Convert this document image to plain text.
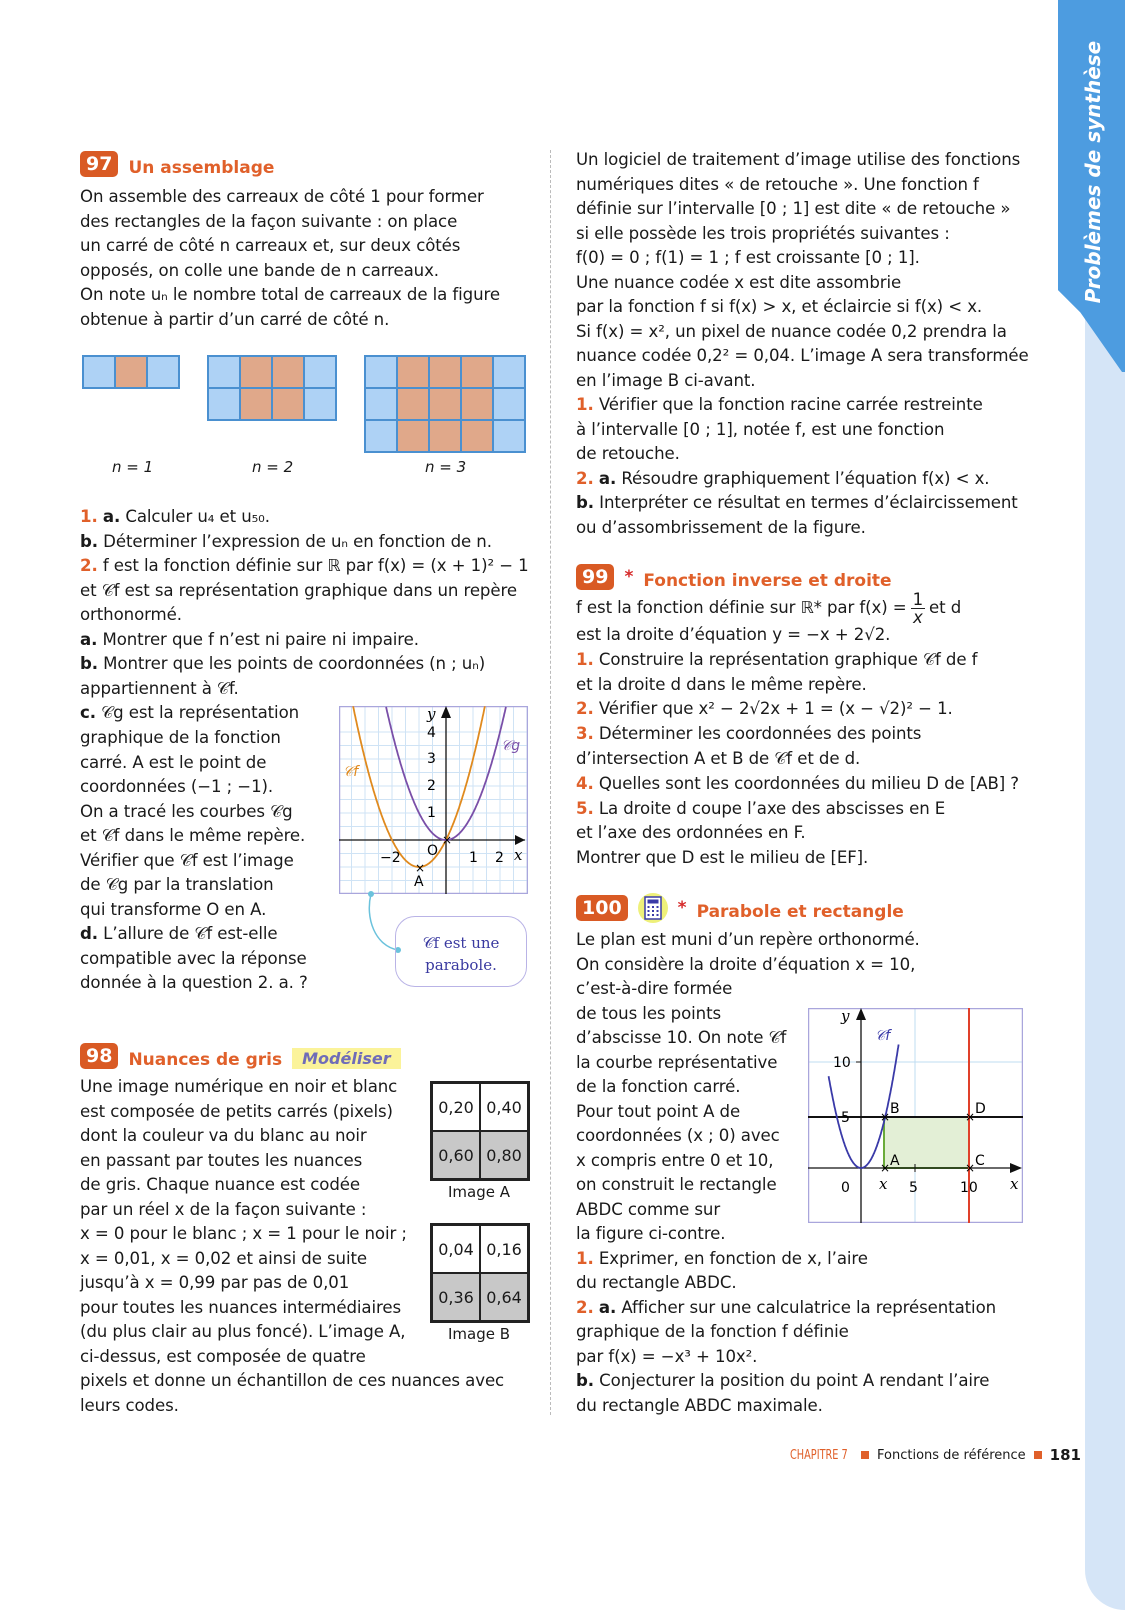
Problèmes de synthèse
97 Un assemblage
n = 1	n = 2	n = 3
y
x
1
2
3
4
−2	1 2
O
A
×
×
𝒞f
𝒞g
𝒞f est une
parabole.
98 Nuances de gris	Modéliser
0,20 0,40
0,60 0,80
Image A
0,04 0,16
0,36 0,64
Image B
99 * Fonction inverse et droite
f est la fonction définie sur ℝ* par $f(x) = \frac{1}{x}$ et d
100	* Parabole et rectangle
y
x
5
10
5	10
0 x
×
×	×
×
A
B
C
D
𝒞f
CHAPITRE 7 Fonctions de référence 181
On assemble des carreaux de côté 1 pour former
des rectangles de la façon suivante : on place
un carré de côté n carreaux et, sur deux côtés
opposés, on colle une bande de n carreaux.
On note uₙ le nombre total de carreaux de la figure
obtenue à partir d’un carré de côté n.
1. a. Calculer u₄ et u₅₀.
b. Déterminer l’expression de uₙ en fonction de n.
2. f est la fonction définie sur ℝ par f(x) = (x + 1)² − 1
et 𝒞f est sa représentation graphique dans un repère
orthonormé.
a. Montrer que f n’est ni paire ni impaire.
b. Montrer que les points de coordonnées (n ; uₙ)
appartiennent à 𝒞f.
c. 𝒞g est la représentation
graphique de la fonction
carré. A est le point de
coordonnées (−1 ; −1).
On a tracé les courbes 𝒞g
et 𝒞f dans le même repère.
Vérifier que 𝒞f est l’image
de 𝒞g par la translation
qui transforme O en A.
d. L’allure de 𝒞f est-elle
compatible avec la réponse
donnée à la question 2. a. ?
Une image numérique en noir et blanc
est composée de petits carrés (pixels)
dont la couleur va du blanc au noir
en passant par toutes les nuances
de gris. Chaque nuance est codée
par un réel x de la façon suivante :
x = 0 pour le blanc ; x = 1 pour le noir ;
x = 0,01, x = 0,02 et ainsi de suite
jusqu’à x = 0,99 par pas de 0,01
pour toutes les nuances intermédiaires
(du plus clair au plus foncé). L’image A,
ci-dessus, est composée de quatre
pixels et donne un échantillon de ces nuances avec
leurs codes.
Un logiciel de traitement d’image utilise des fonctions
numériques dites « de retouche ». Une fonction f
définie sur l’intervalle [0 ; 1] est dite « de retouche »
si elle possède les trois propriétés suivantes :
f(0) = 0 ; f(1) = 1 ; f est croissante [0 ; 1].
Une nuance codée x est dite assombrie
par la fonction f si f(x) > x, et éclaircie si f(x) < x.
Si f(x) = x², un pixel de nuance codée 0,2 prendra la
nuance codée 0,2² = 0,04. L’image A sera transformée
en l’image B ci-avant.
1. Vérifier que la fonction racine carrée restreinte
à l’intervalle [0 ; 1], notée f, est une fonction
de retouche.
2. a. Résoudre graphiquement l’équation f(x) < x.
b. Interpréter ce résultat en termes d’éclaircissement
ou d’assombrissement de la figure.
est la droite d’équation y = −x + 2√2.
1. Construire la représentation graphique 𝒞f de f
et la droite d dans le même repère.
2. Vérifier que x² − 2√2x + 1 = (x − √2)² − 1.
3. Déterminer les coordonnées des points
d’intersection A et B de 𝒞f et de d.
4. Quelles sont les coordonnées du milieu D de [AB] ?
5. La droite d coupe l’axe des abscisses en E
et l’axe des ordonnées en F.
Montrer que D est le milieu de [EF].
Le plan est muni d’un repère orthonormé.
On considère la droite d’équation x = 10,
c’est-à-dire formée
de tous les points
d’abscisse 10. On note 𝒞f
la courbe représentative
de la fonction carré.
Pour tout point A de
coordonnées (x ; 0) avec
x compris entre 0 et 10,
on construit le rectangle
ABDC comme sur
la figure ci-contre.
1. Exprimer, en fonction de x, l’aire
du rectangle ABDC.
2. a. Afficher sur une calculatrice la représentation
graphique de la fonction f définie
par f(x) = −x³ + 10x².
b. Conjecturer la position du point A rendant l’aire
du rectangle ABDC maximale.
